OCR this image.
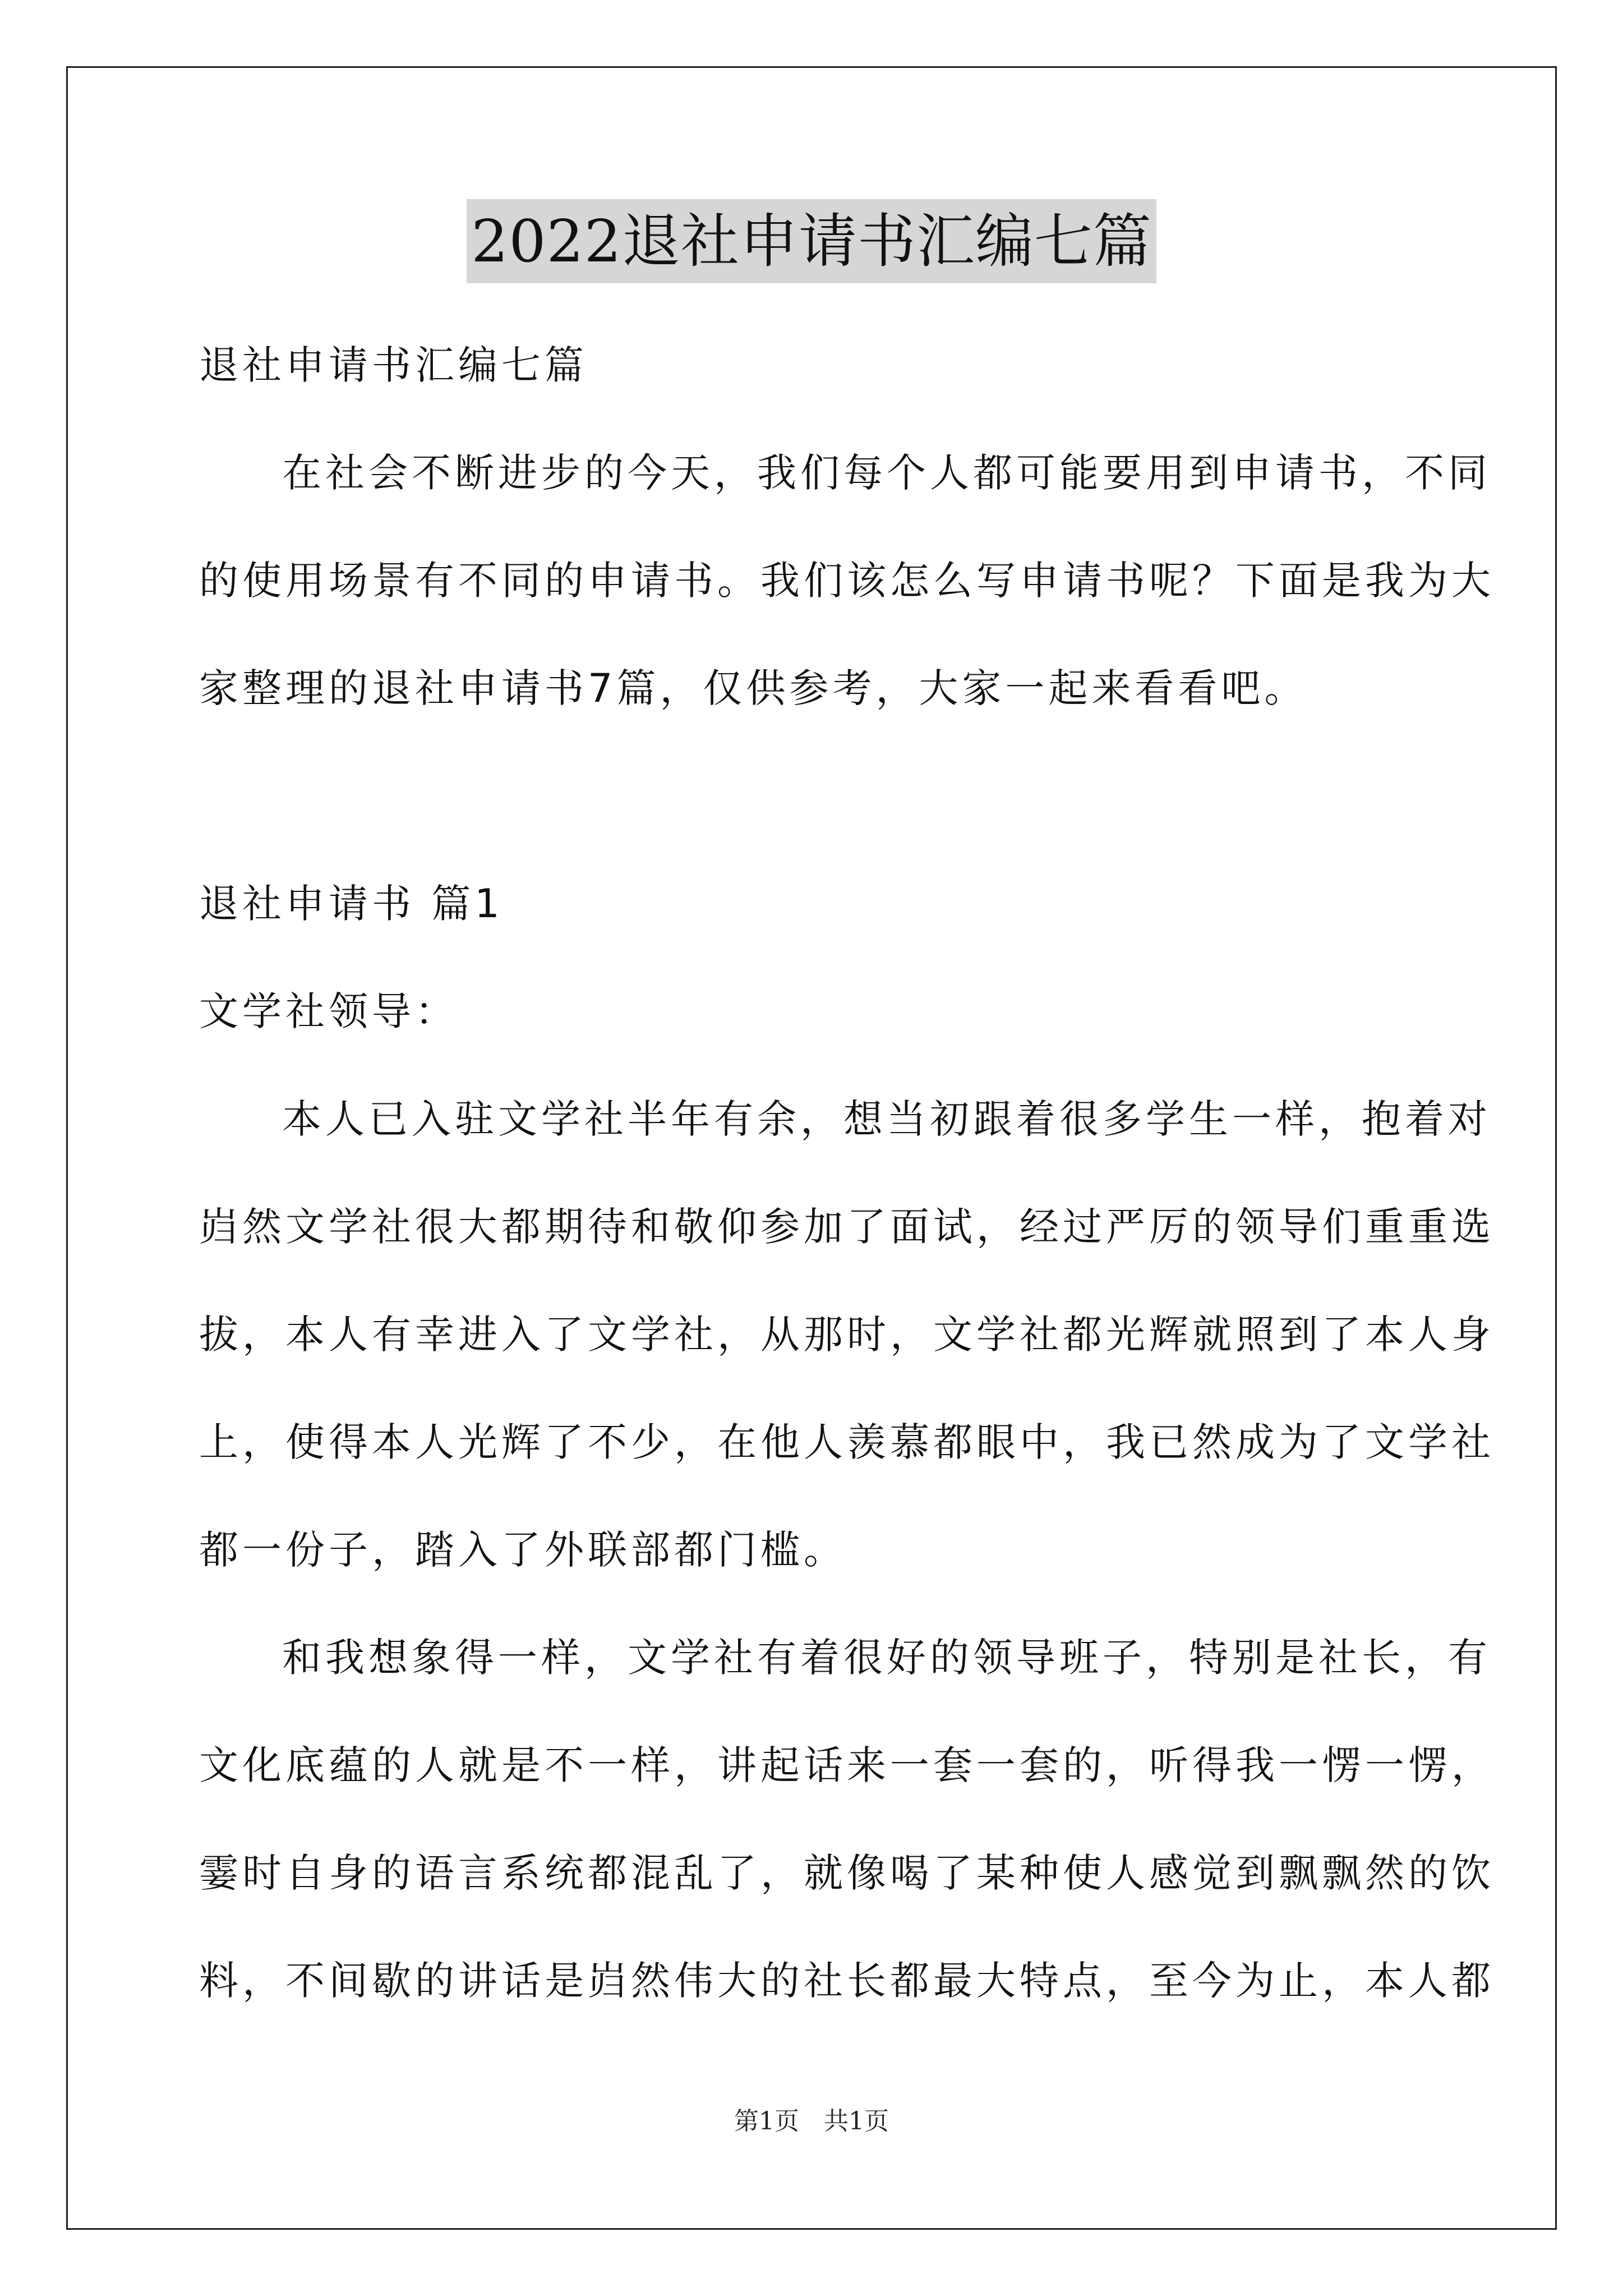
2022退社申请书汇编七篇
退社申请书汇编七篇
在社会不断进步的今天，我们每个人都可能要用到申请书，不同
的使用场景有不同的申请书。我们该怎么写申请书呢？下面是我为大
家整理的退社申请书7篇，仅供参考，大家一起来看看吧。
退社申请书 篇1
文学社领导：
本人已入驻文学社半年有余，想当初跟着很多学生一样，抱着对
岿然文学社很大都期待和敬仰参加了面试，经过严厉的领导们重重选
拔，本人有幸进入了文学社，从那时，文学社都光辉就照到了本人身
上，使得本人光辉了不少，在他人羡慕都眼中，我已然成为了文学社
都一份子，踏入了外联部都门槛。
和我想象得一样，文学社有着很好的领导班子，特别是社长，有
文化底蕴的人就是不一样，讲起话来一套一套的，听得我一愣一愣，
霎时自身的语言系统都混乱了，就像喝了某种使人感觉到飘飘然的饮
料，不间歇的讲话是岿然伟大的社长都最大特点，至今为止，本人都
第1页　共1页
